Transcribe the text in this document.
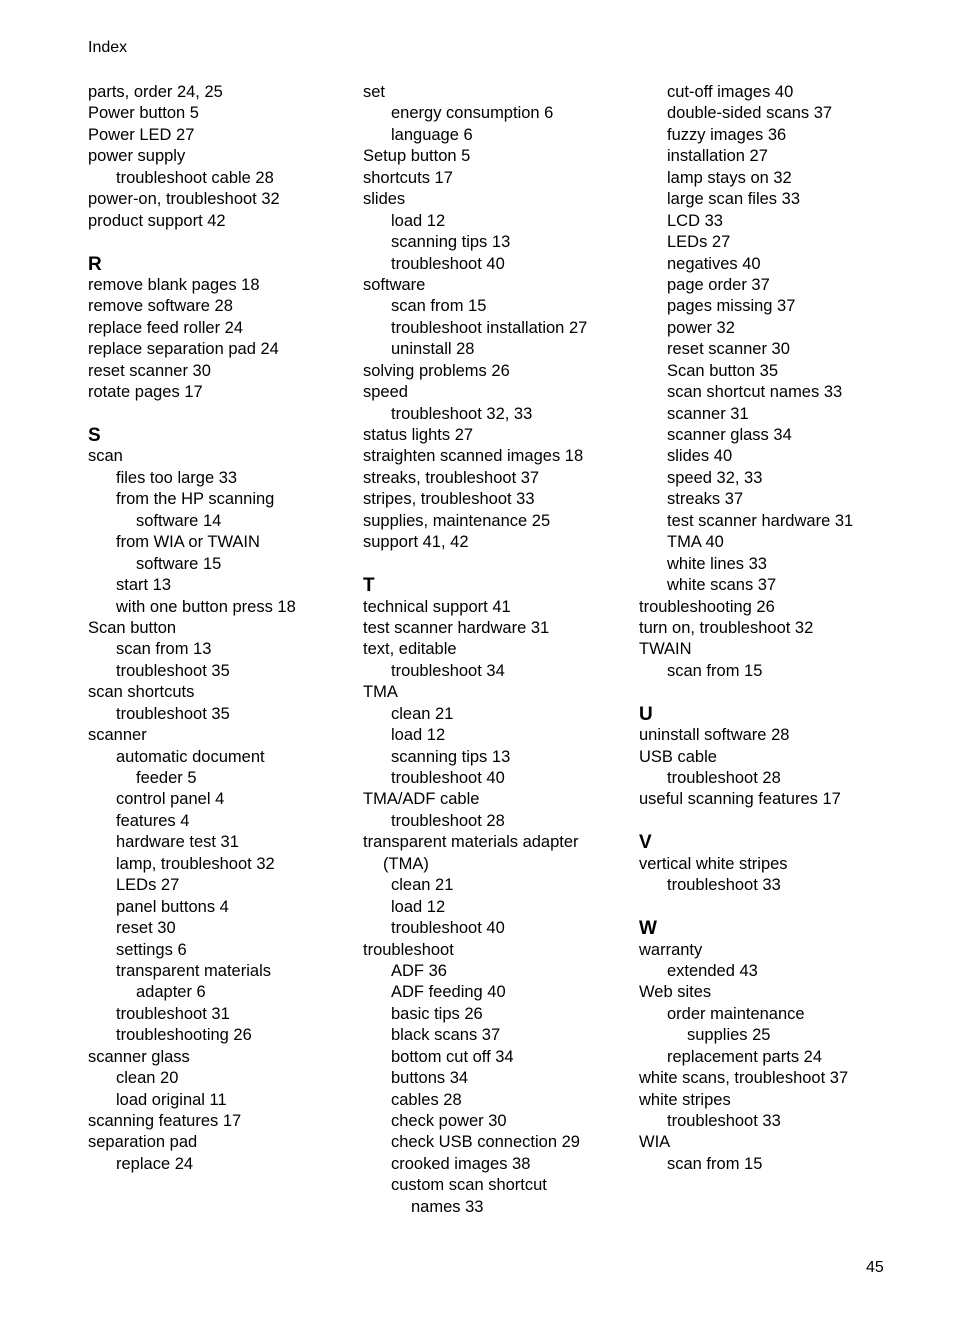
Index
parts, order 24, 25
Power button 5
Power LED 27
power supply
troubleshoot cable 28
power-on, troubleshoot 32
product support 42
R
remove blank pages 18
remove software 28
replace feed roller 24
replace separation pad 24
reset scanner 30
rotate pages 17
S
scan
files too large 33
from the HP scanning
software 14
from WIA or TWAIN
software 15
start 13
with one button press 18
Scan button
scan from 13
troubleshoot 35
scan shortcuts
troubleshoot 35
scanner
automatic document
feeder 5
control panel 4
features 4
hardware test 31
lamp, troubleshoot 32
LEDs 27
panel buttons 4
reset 30
settings 6
transparent materials
adapter 6
troubleshoot 31
troubleshooting 26
scanner glass
clean 20
load original 11
scanning features 17
separation pad
replace 24
set
energy consumption 6
language 6
Setup button 5
shortcuts 17
slides
load 12
scanning tips 13
troubleshoot 40
software
scan from 15
troubleshoot installation 27
uninstall 28
solving problems 26
speed
troubleshoot 32, 33
status lights 27
straighten scanned images 18
streaks, troubleshoot 37
stripes, troubleshoot 33
supplies, maintenance 25
support 41, 42
T
technical support 41
test scanner hardware 31
text, editable
troubleshoot 34
TMA
clean 21
load 12
scanning tips 13
troubleshoot 40
TMA/ADF cable
troubleshoot 28
transparent materials adapter
(TMA)
clean 21
load 12
troubleshoot 40
troubleshoot
ADF 36
ADF feeding 40
basic tips 26
black scans 37
bottom cut off 34
buttons 34
cables 28
check power 30
check USB connection 29
crooked images 38
custom scan shortcut
names 33
cut-off images 40
double-sided scans 37
fuzzy images 36
installation 27
lamp stays on 32
large scan files 33
LCD 33
LEDs 27
negatives 40
page order 37
pages missing 37
power 32
reset scanner 30
Scan button 35
scan shortcut names 33
scanner 31
scanner glass 34
slides 40
speed 32, 33
streaks 37
test scanner hardware 31
TMA 40
white lines 33
white scans 37
troubleshooting 26
turn on, troubleshoot 32
TWAIN
scan from 15
U
uninstall software 28
USB cable
troubleshoot 28
useful scanning features 17
V
vertical white stripes
troubleshoot 33
W
warranty
extended 43
Web sites
order maintenance
supplies 25
replacement parts 24
white scans, troubleshoot 37
white stripes
troubleshoot 33
WIA
scan from 15
45
